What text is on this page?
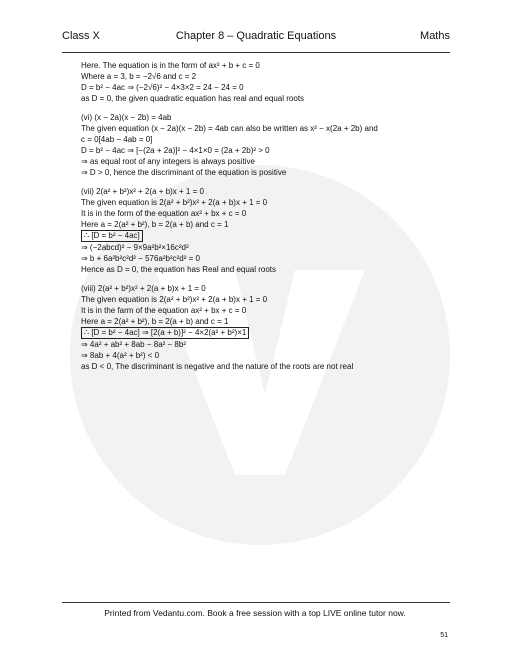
Class X	Chapter 8 – Quadratic Equations	Maths

Here. The equation is in the form of ax² + b + c = 0

Where a = 3, b = −2√6 and c = 2

D = b² − 4ac ⇒ (−2√6)² − 4×3×2 = 24 − 24 = 0

as D = 0, the given quadratic equation has real and equal roots

(vi) (x − 2a)(x − 2b) = 4ab

The given equation (x − 2a)(x − 2b) = 4ab can also be written as x² − x(2a + 2b) and

c = 0[4ab − 4ab = 0]

D = b² − 4ac ⇒ [−(2a + 2a)]² − 4×1×0 = (2a + 2b)² > 0

⇒ as equal root of any integers is always positive

⇒ D > 0, hence the discriminant of the equation is positive

(vii) 2(a² + b²)x² + 2(a + b)x + 1 = 0

The given equation is 2(a² + b²)x² + 2(a + b)x + 1 = 0

It is in the form of the equation ax² + bx + c = 0

Here a = 2(a² + b²), b = 2(a + b) and c = 1

∴ [D = b² − 4ac]

⇒ (−2abcd)² − 9×9a²b²×16c²d²

⇒ b + 6a²b²c²d² − 576a²b²c²d² = 0

Hence as D = 0, the equation has Real and equal roots

(viii) 2(a² + b²)x² + 2(a + b)x + 1 = 0

The given equation is 2(a² + b²)x² + 2(a + b)x + 1 = 0

It is in the farm of the equation ax² + bx + c = 0

Here a = 2(a² + b²), b = 2(a + b) and c = 1

∴ [D = b² − 4ac] ⇒ [2(a + b)]² − 4×2(a² + b²)×1

⇒ 4a² + ab² + 8ab − 8a² − 8b²

⇒ 8ab + 4(a² + b²) < 0

as D < 0, The discriminant is negative and the nature of the roots are not real

Printed from Vedantu.com. Book a free session with a top LIVE online tutor now.
51
